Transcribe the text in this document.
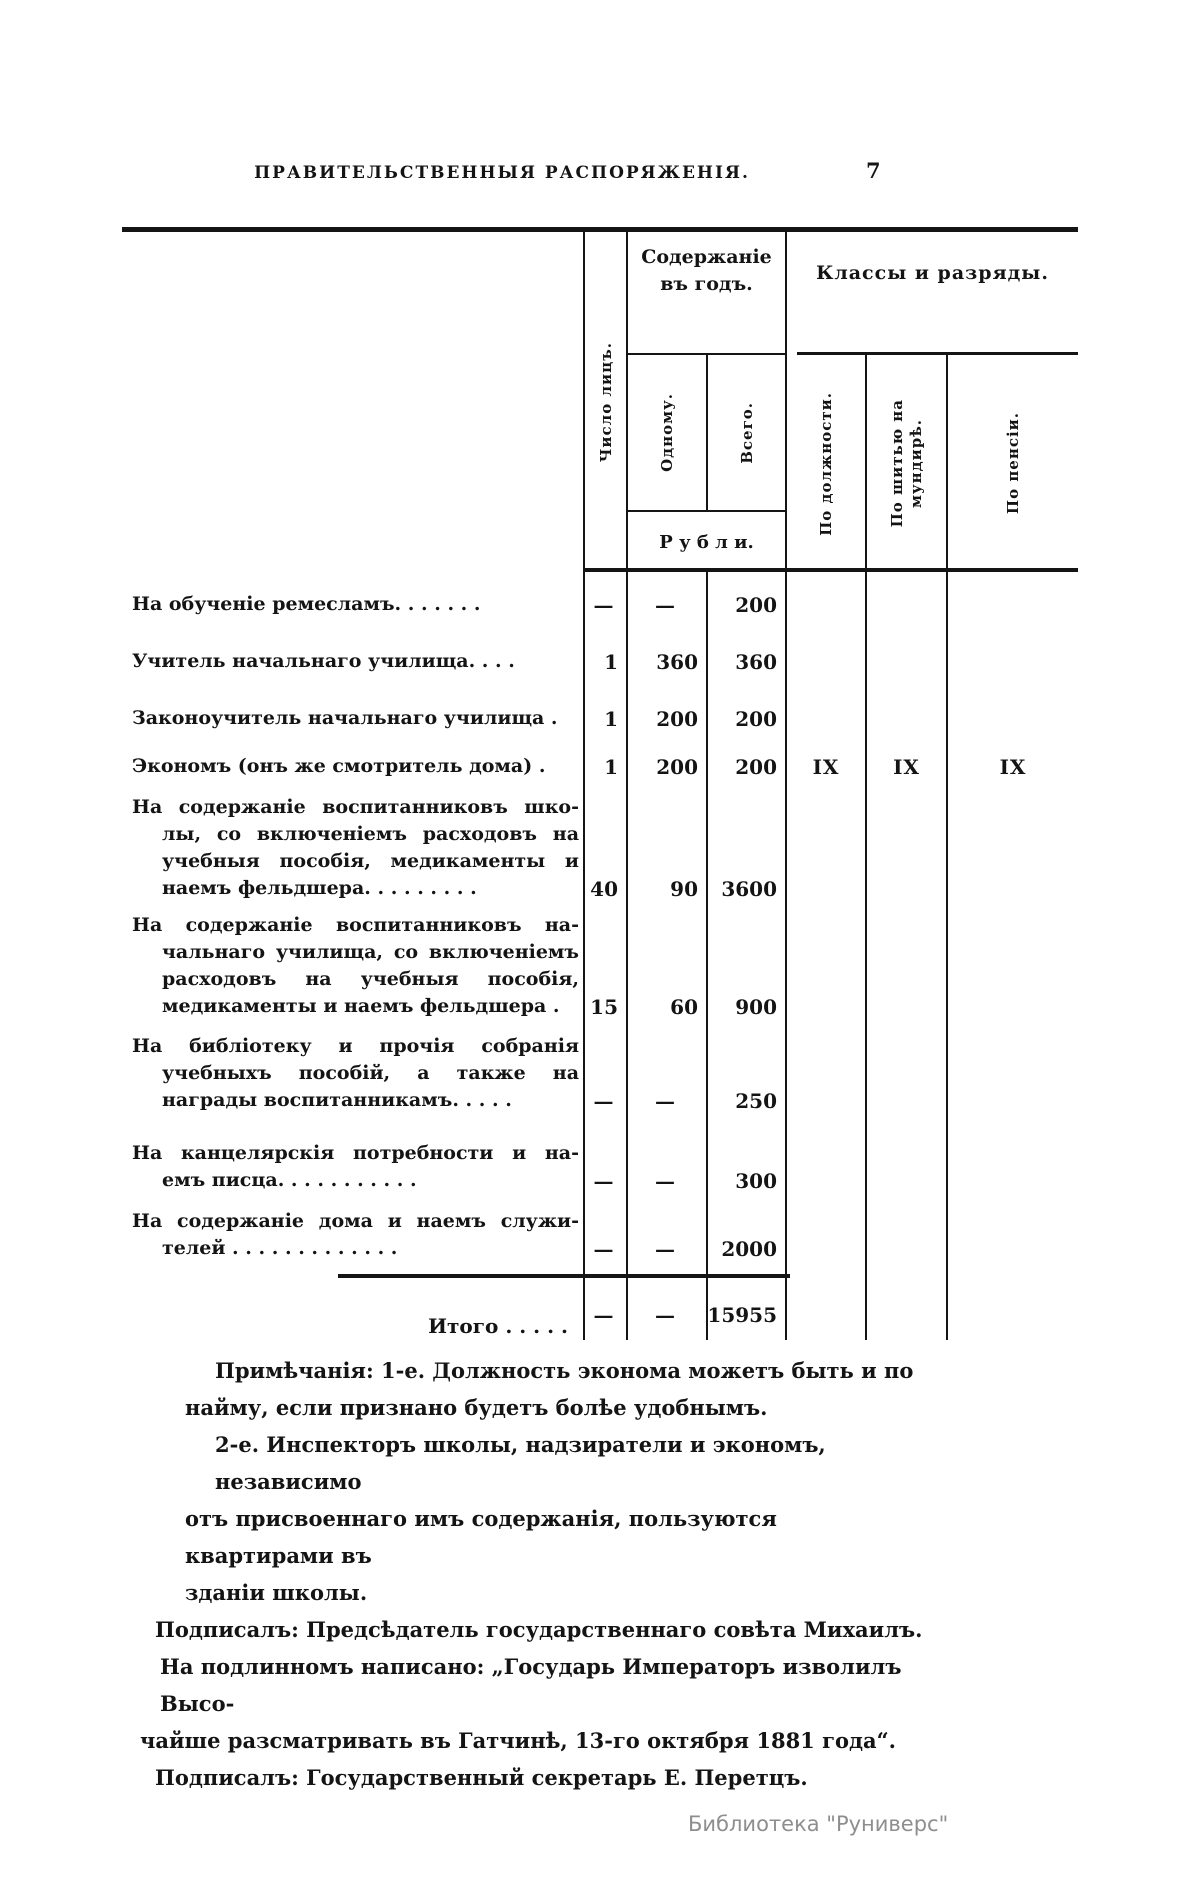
ПРАВИТЕЛЬСТВЕННЫЯ РАСПОРЯЖЕНІЯ.	7
Число лицъ.
Содержаніе
въ годъ.
Одному.	Всего.
Р у б л и.
Классы и разряды.
По должности.	По шитью на мундирѣ.	По пенсіи.
На обученіе ремесламъ. . . . . . .	—	—	200
Учитель начальнаго училища. . . .	1	360	360
Законоучитель начальнаго училища .	1	200	200
Экономъ (онъ же смотритель дома) .	1	200	200	IX	IX	IX
На содержаніе воспитанниковъ шко-
лы, со включеніемъ расходовъ на
учебныя пособія, медикаменты и
наемъ фельдшера. . . . . . . . .	40	90	3600
На содержаніе воспитанниковъ на-
чальнаго училища, со включеніемъ
расходовъ на учебныя пособія,
медикаменты и наемъ фельдшера .	15	60	900
На библіотеку и прочія собранія
учебныхъ пособій, а также на
награды воспитанникамъ. . . . .	—	—	250
На канцелярскія потребности и на-
емъ писца. . . . . . . . . . .	—	—	300
На содержаніе дома и наемъ служи-
телей . . . . . . . . . . . . .	—	—	2000
Итого . . . . .	—	—	15955
Примѣчанія: 1-е. Должность эконома можетъ быть и по
найму, если признано будетъ болѣе удобнымъ.
2-е. Инспекторъ школы, надзиратели и экономъ, независимо
отъ присвоеннаго имъ содержанія, пользуются квартирами въ
зданіи школы.
Подписалъ: Предсѣдатель государственнаго совѣта Михаилъ.
На подлинномъ написано: „Государь Императоръ изволилъ Высо-
чайше разсматривать въ Гатчинѣ, 13-го октября 1881 года“.
Подписалъ: Государственный секретарь Е. Перетцъ.
Библиотека "Руниверс"
